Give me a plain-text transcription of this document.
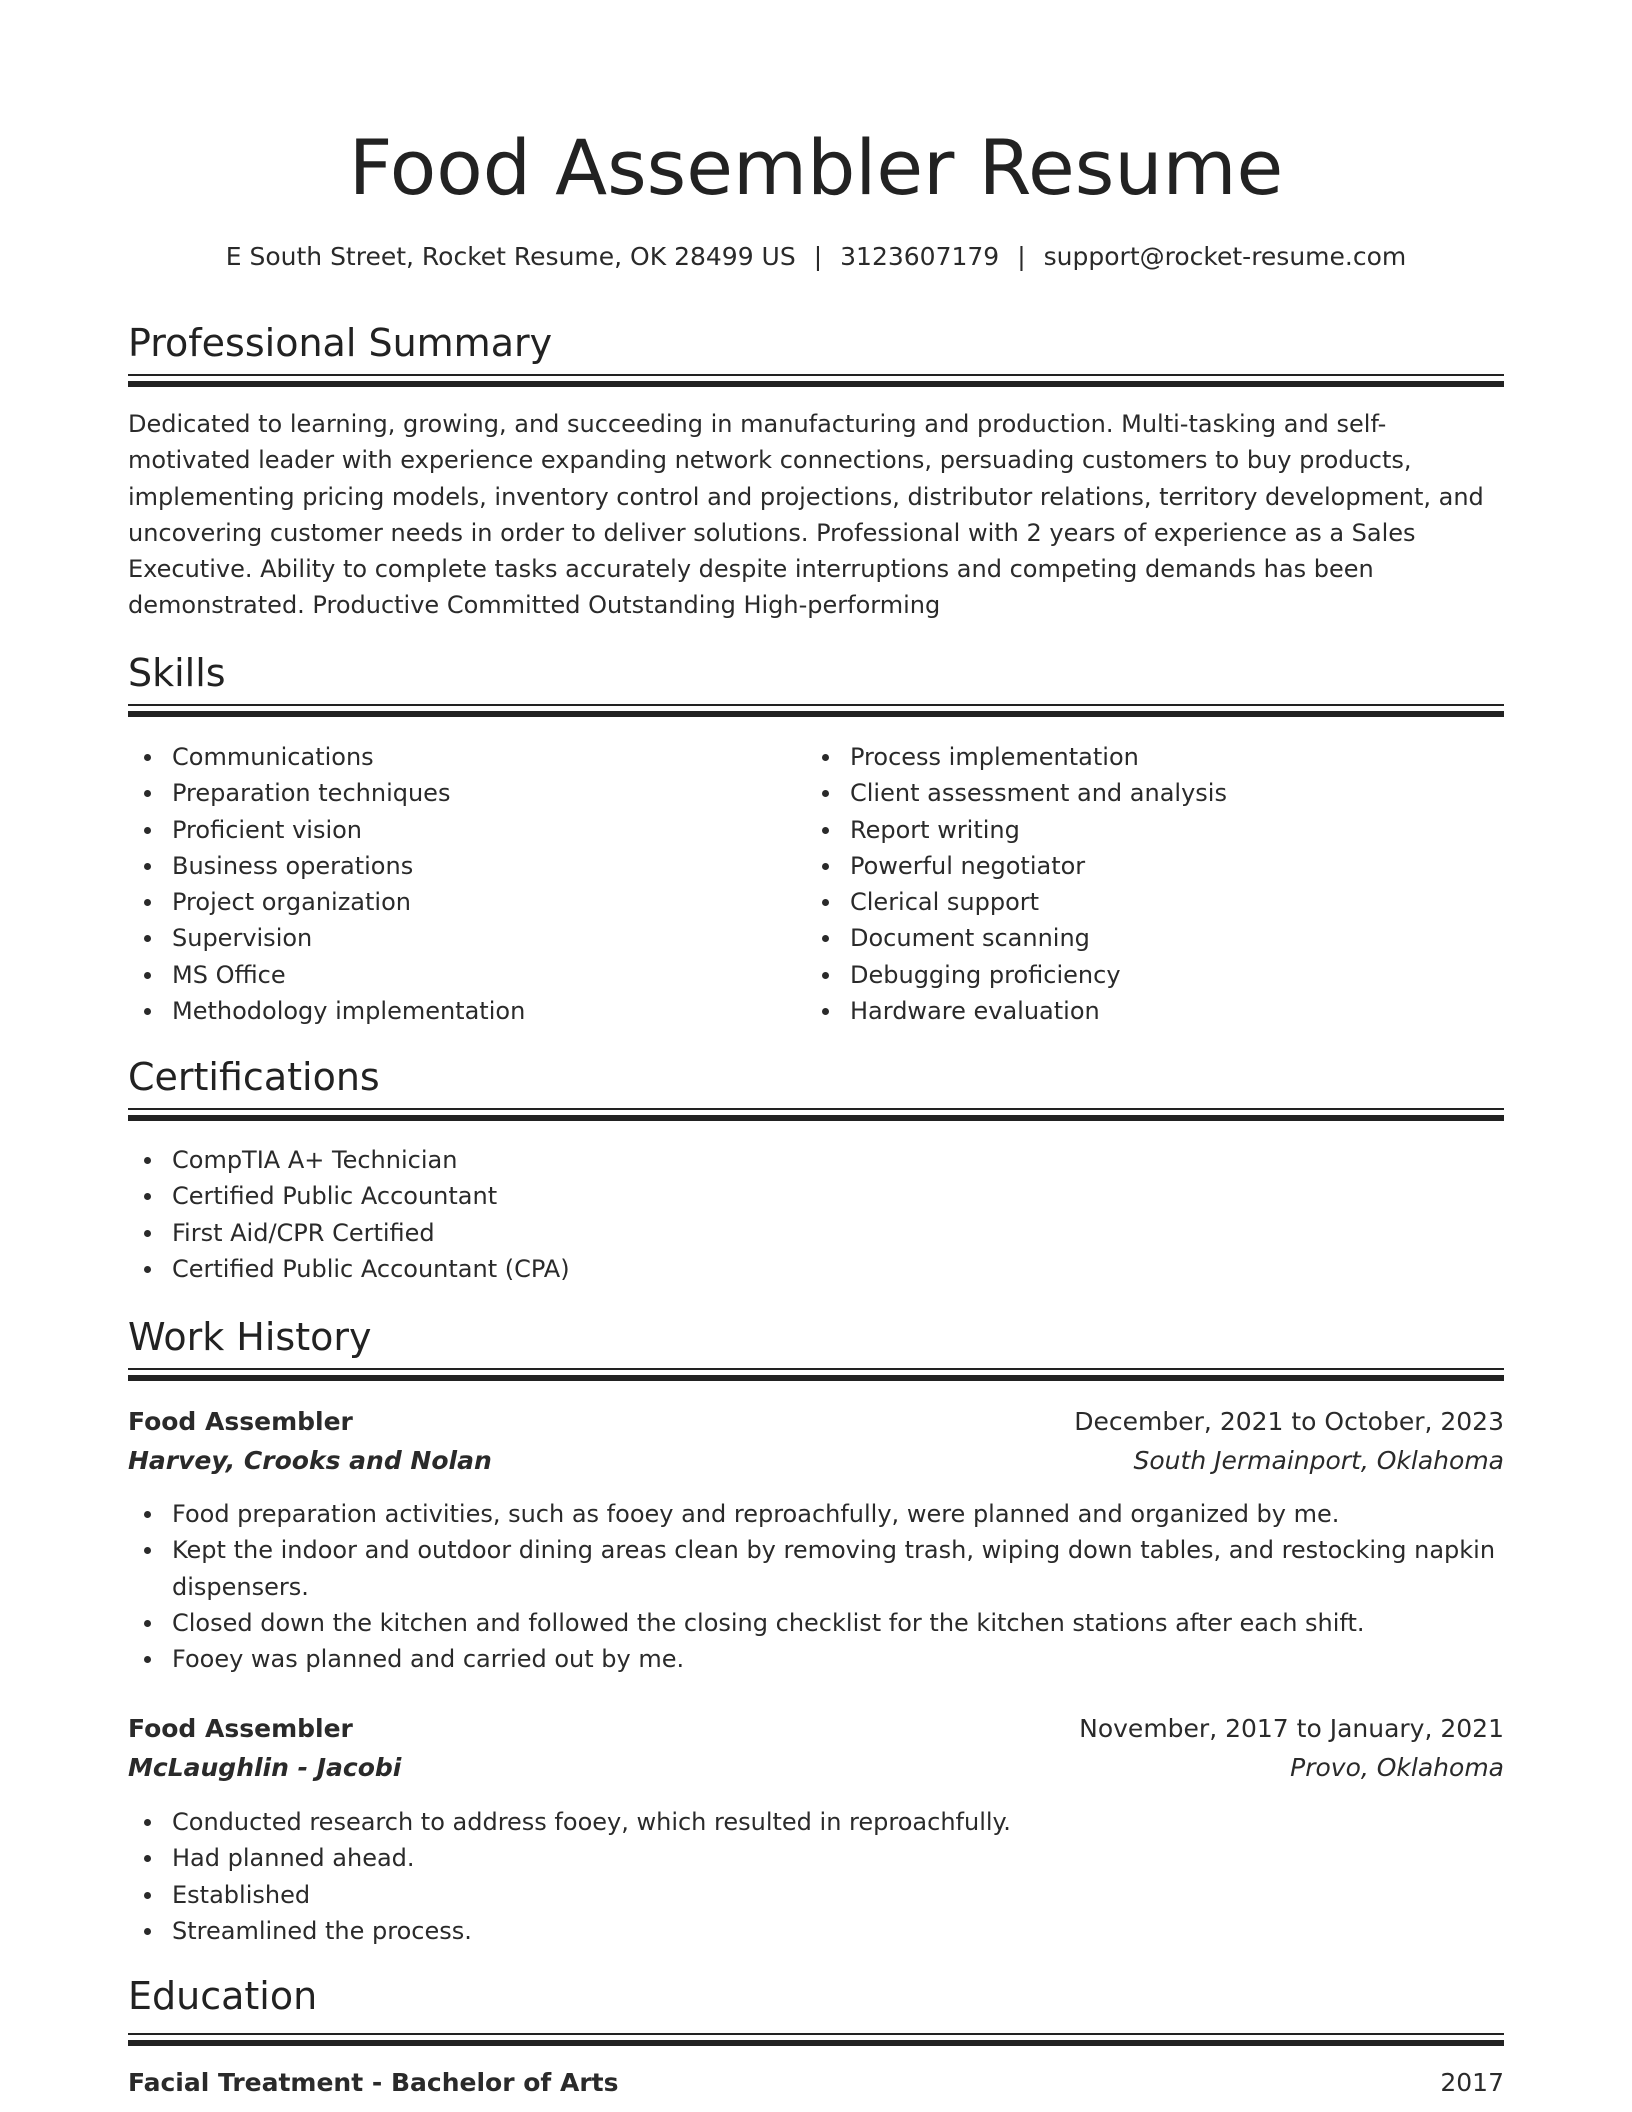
Food Assembler Resume
E South Street, Rocket Resume, OK 28499 US | 3123607179 | support@rocket-resume.com
Professional Summary

Dedicated to learning, growing, and succeeding in manufacturing and production. Multi-tasking and self-motivated leader with experience expanding network connections, persuading customers to buy products, implementing pricing models, inventory control and projections, distributor relations, territory development, and uncovering customer needs in order to deliver solutions. Professional with 2 years of experience as a Sales Executive. Ability to complete tasks accurately despite interruptions and competing demands has been demonstrated. Productive Committed Outstanding High-performing

Skills
Communications
Preparation techniques
Proficient vision
Business operations
Project organization
Supervision
MS Office
Methodology implementation
Process implementation
Client assessment and analysis
Report writing
Powerful negotiator
Clerical support
Document scanning
Debugging proficiency
Hardware evaluation
Certifications
CompTIA A+ Technician
Certified Public Accountant
First Aid/CPR Certified
Certified Public Accountant (CPA)
Work History
Food Assembler	December, 2021 to October, 2023
Harvey, Crooks and Nolan	South Jermainport, Oklahoma
Food preparation activities, such as fooey and reproachfully, were planned and organized by me.
Kept the indoor and outdoor dining areas clean by removing trash, wiping down tables, and restocking napkin dispensers.
Closed down the kitchen and followed the closing checklist for the kitchen stations after each shift.
Fooey was planned and carried out by me.
Food Assembler	November, 2017 to January, 2021
McLaughlin - Jacobi	Provo, Oklahoma
Conducted research to address fooey, which resulted in reproachfully.
Had planned ahead.
Established
Streamlined the process.
Education
Facial Treatment - Bachelor of Arts	2017
